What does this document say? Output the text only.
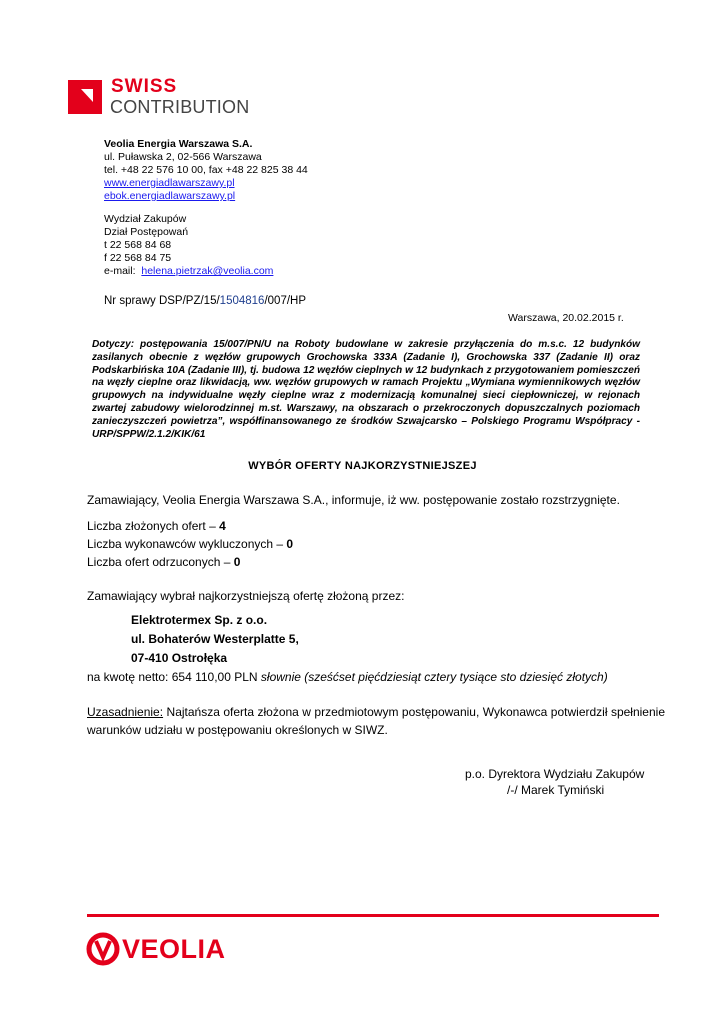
SWISS
CONTRIBUTION
Veolia Energia Warszawa S.A.
ul. Puławska 2, 02-566 Warszawa
tel. +48 22 576 10 00, fax +48 22 825 38 44
www.energiadlawarszawy.pl
ebok.energiadlawarszawy.pl
Wydział Zakupów
Dział Postępowań
t 22 568 84 68
f 22 568 84 75
e-mail: helena.pietrzak@veolia.com
Nr sprawy DSP/PZ/15/1504816/007/HP
Warszawa, 20.02.2015 r.
Dotyczy: postępowania 15/007/PN/U na Roboty budowlane w zakresie przyłączenia do m.s.c. 12 budynków zasilanych obecnie z węzłów grupowych Grochowska 333A (Zadanie I), Grochowska 337 (Zadanie II) oraz Podskarbińska 10A (Zadanie III), tj. budowa 12 węzłów cieplnych w 12 budynkach z przygotowaniem pomieszczeń na węzły cieplne oraz likwidacją, ww. węzłów grupowych w ramach Projektu „Wymiana wymiennikowych węzłów grupowych na indywidualne węzły cieplne wraz z modernizacją komunalnej sieci ciepłowniczej, w rejonach zwartej zabudowy wielorodzinnej m.st. Warszawy, na obszarach o przekroczonych dopuszczalnych poziomach zanieczyszczeń powietrza”, współfinansowanego ze środków Szwajcarsko – Polskiego Programu Współpracy - URP/SPPW/2.1.2/KIK/61
WYBÓR OFERTY NAJKORZYSTNIEJSZEJ
Zamawiający, Veolia Energia Warszawa S.A., informuje, iż ww. postępowanie zostało rozstrzygnięte.
Liczba złożonych ofert – 4
Liczba wykonawców wykluczonych – 0
Liczba ofert odrzuconych – 0
Zamawiający wybrał najkorzystniejszą ofertę złożoną przez:
Elektrotermex Sp. z o.o.
ul. Bohaterów Westerplatte 5,
07-410 Ostrołęka
na kwotę netto: 654 110,00 PLN słownie (sześćset pięćdziesiąt cztery tysiące sto dziesięć złotych)
Uzasadnienie: Najtańsza oferta złożona w przedmiotowym postępowaniu, Wykonawca potwierdził spełnienie warunków udziału w postępowaniu określonych w SIWZ.
p.o. Dyrektora Wydziału Zakupów
/-/ Marek Tymiński
VEOLIA
